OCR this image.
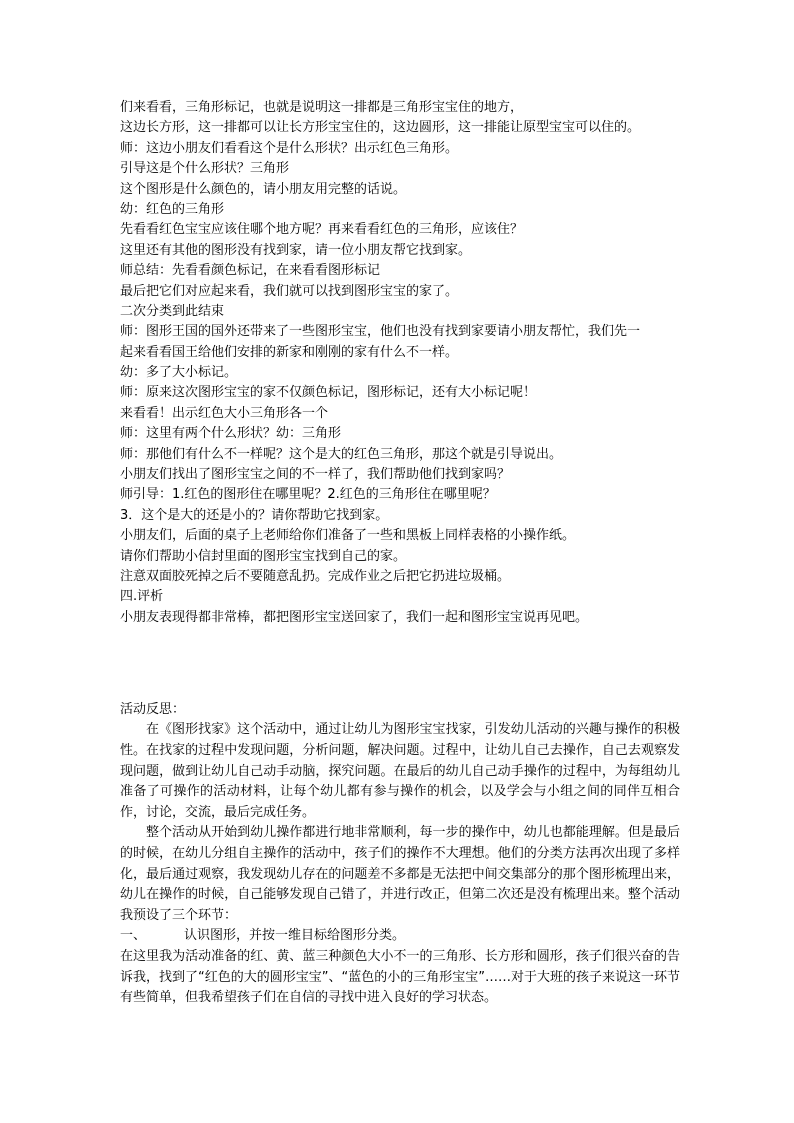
们来看看，三角形标记，也就是说明这一排都是三角形宝宝住的地方，
这边长方形，这一排都可以让长方形宝宝住的，这边圆形，这一排能让原型宝宝可以住的。
师：这边小朋友们看看这个是什么形状？出示红色三角形。
引导这是个什么形状？三角形
这个图形是什么颜色的，请小朋友用完整的话说。
幼：红色的三角形
先看看红色宝宝应该住哪个地方呢？再来看看红色的三角形，应该住？
这里还有其他的图形没有找到家，请一位小朋友帮它找到家。
师总结：先看看颜色标记，在来看看图形标记
最后把它们对应起来看，我们就可以找到图形宝宝的家了。
二次分类到此结束
师：图形王国的国外还带来了一些图形宝宝，他们也没有找到家要请小朋友帮忙，我们先一
起来看看国王给他们安排的新家和刚刚的家有什么不一样。
幼：多了大小标记。
师：原来这次图形宝宝的家不仅颜色标记，图形标记，还有大小标记呢！
来看看！出示红色大小三角形各一个
师：这里有两个什么形状？幼：三角形
师：那他们有什么不一样呢？这个是大的红色三角形，那这个就是引导说出。
小朋友们找出了图形宝宝之间的不一样了，我们帮助他们找到家吗？
师引导：1.红色的图形住在哪里呢？2.红色的三角形住在哪里呢？
3．这个是大的还是小的？请你帮助它找到家。
小朋友们，后面的桌子上老师给你们准备了一些和黑板上同样表格的小操作纸。
请你们帮助小信封里面的图形宝宝找到自己的家。
注意双面胶死掉之后不要随意乱扔。完成作业之后把它扔进垃圾桶。
四.评析
小朋友表现得都非常棒，都把图形宝宝送回家了，我们一起和图形宝宝说再见吧。
活动反思：

在《图形找家》这个活动中，通过让幼儿为图形宝宝找家，引发幼儿活动的兴趣与操作的积极性。在找家的过程中发现问题，分析问题，解决问题。过程中，让幼儿自己去操作，自己去观察发现问题，做到让幼儿自己动手动脑，探究问题。在最后的幼儿自己动手操作的过程中，为每组幼儿准备了可操作的活动材料，让每个幼儿都有参与操作的机会，以及学会与小组之间的同伴互相合作，讨论，交流，最后完成任务。

整个活动从开始到幼儿操作都进行地非常顺利，每一步的操作中，幼儿也都能理解。但是最后的时候，在幼儿分组自主操作的活动中，孩子们的操作不大理想。他们的分类方法再次出现了多样化，最后通过观察，我发现幼儿存在的问题差不多都是无法把中间交集部分的那个图形梳理出来，幼儿在操作的时候，自己能够发现自己错了，并进行改正，但第二次还是没有梳理出来。整个活动我预设了三个环节：

一、	认识图形，并按一维目标给图形分类。

在这里我为活动准备的红、黄、蓝三种颜色大小不一的三角形、长方形和圆形，孩子们很兴奋的告诉我，找到了“红色的大的圆形宝宝”、“蓝色的小的三角形宝宝”……对于大班的孩子来说这一环节有些简单，但我希望孩子们在自信的寻找中进入良好的学习状态。
